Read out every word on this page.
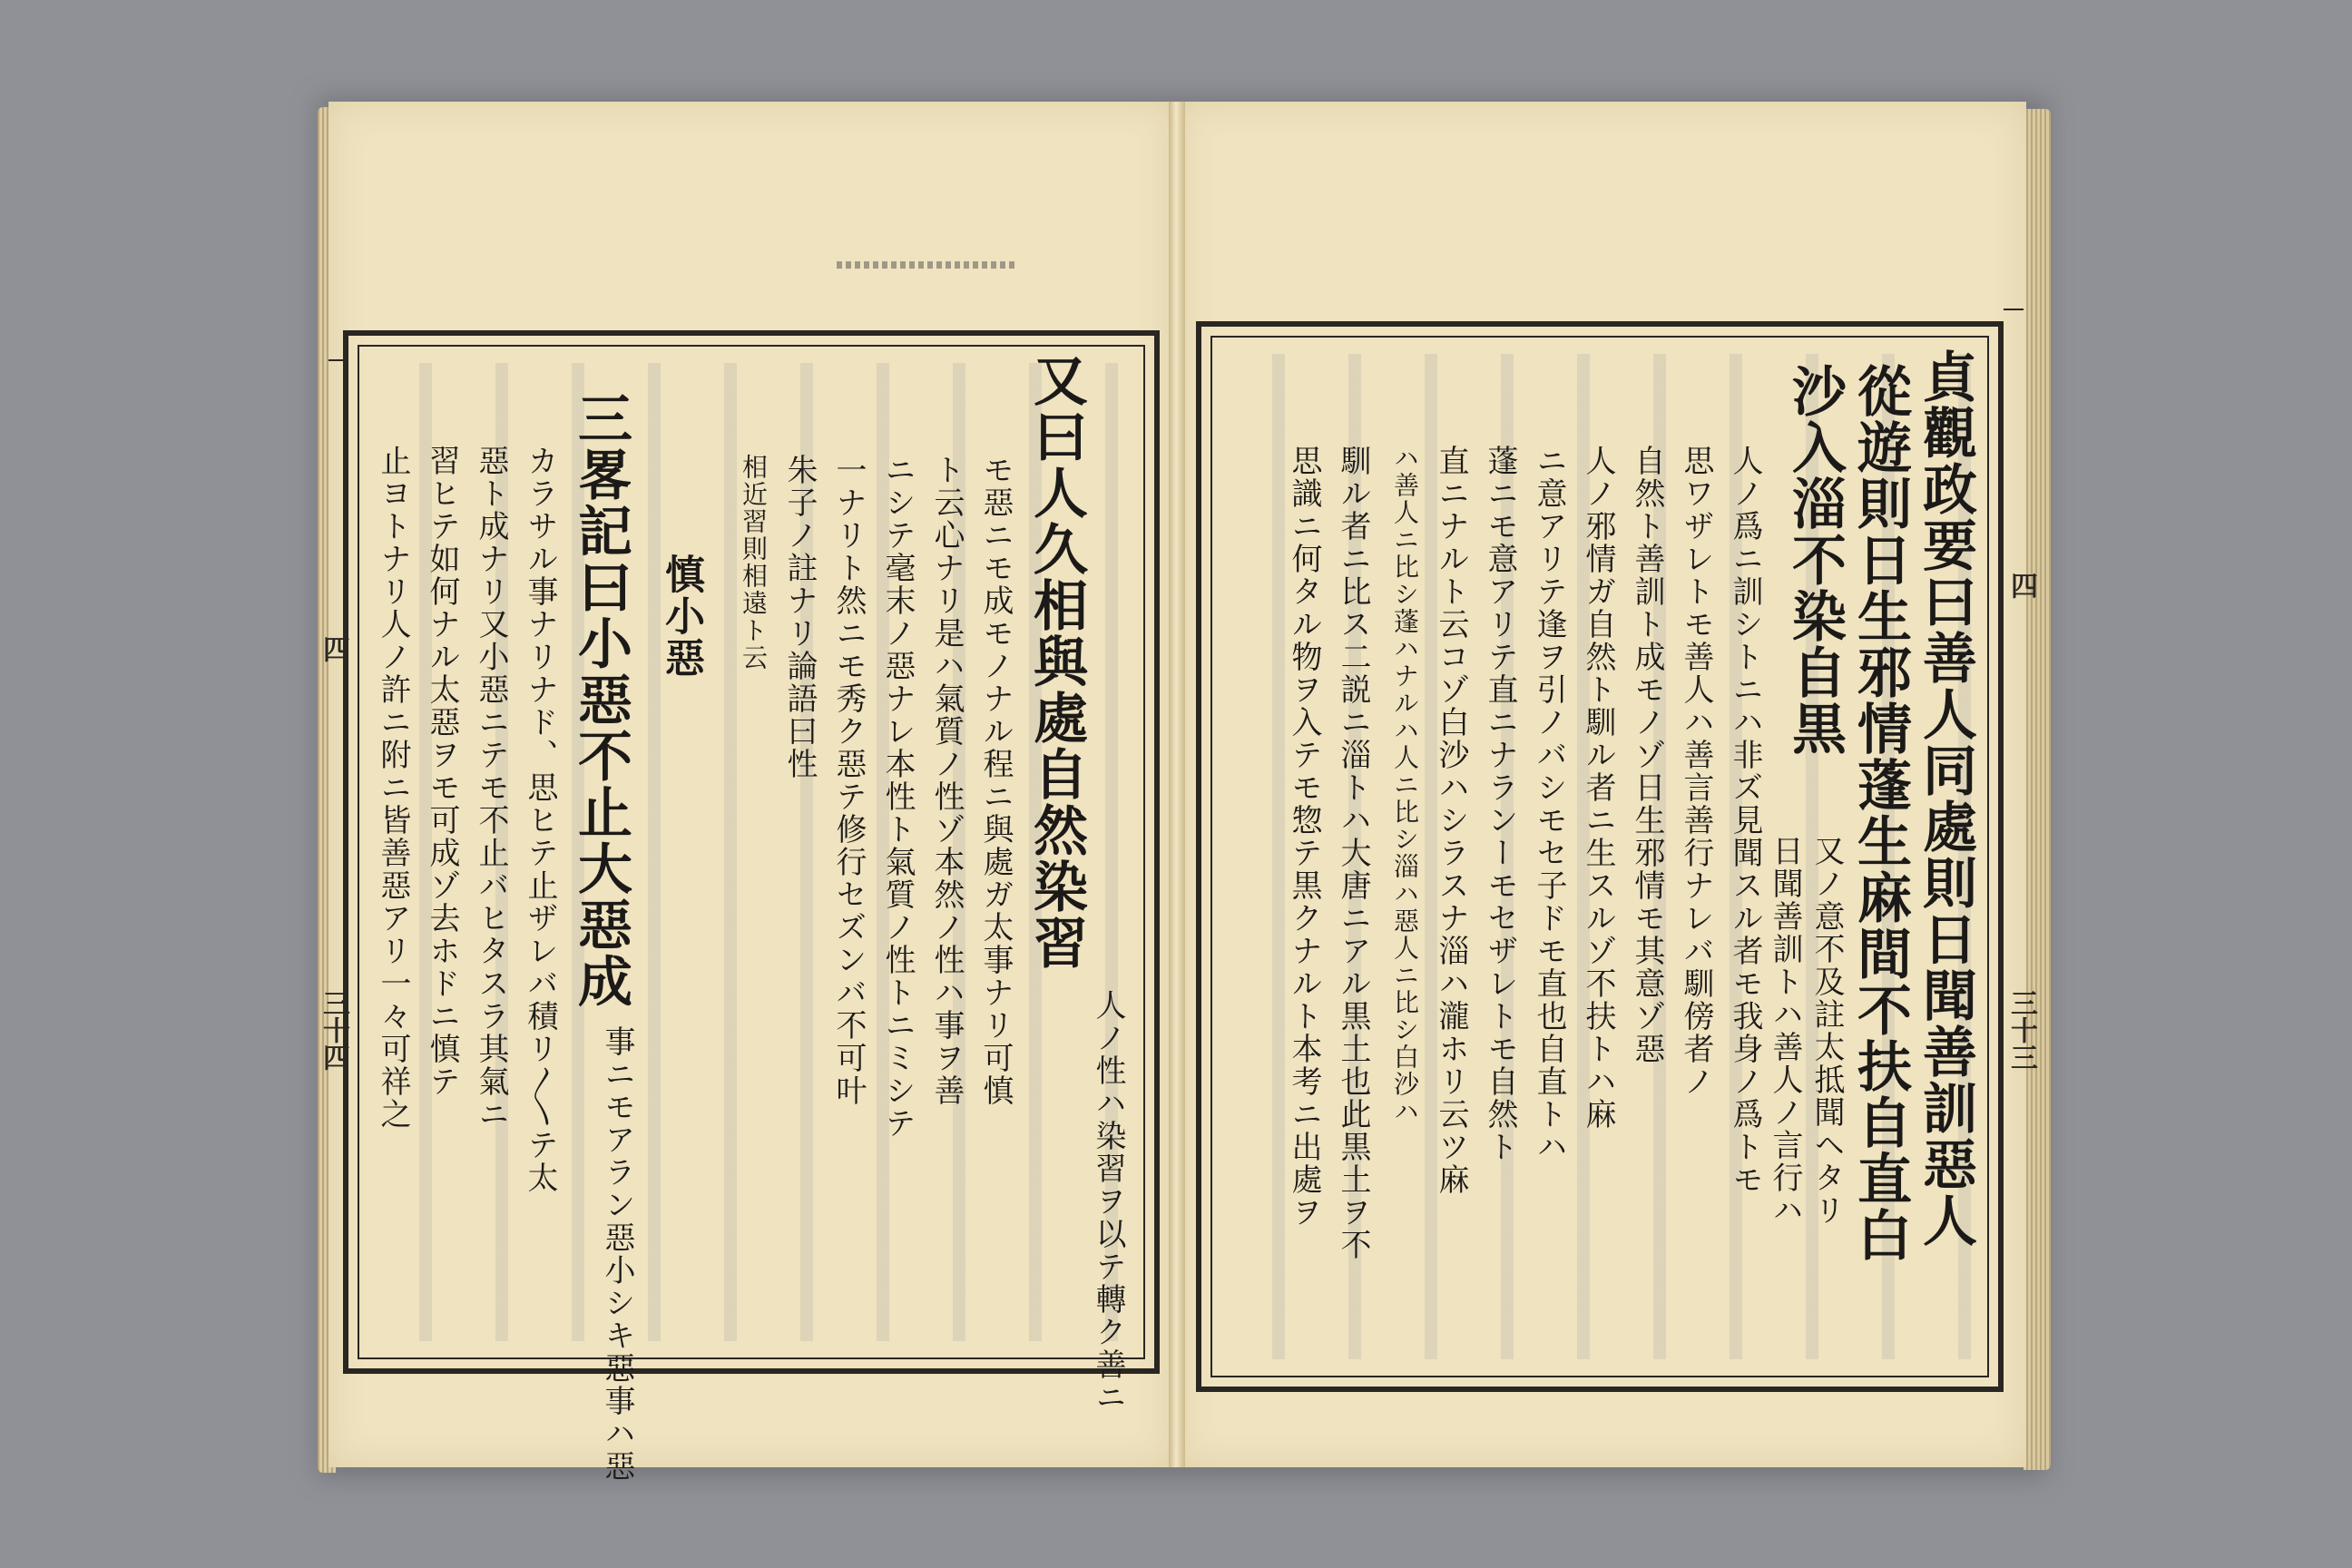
又曰人久相與處自然染習
人ノ性ハ染習ヲ以テ轉ク善ニ
モ惡ニモ成モノナル程ニ與處ガ太事ナリ可慎
ト云心ナリ是ハ氣質ノ性ゾ本然ノ性ハ事ヲ善
ニシテ毫末ノ惡ナレ本性ト氣質ノ性トニミシテ
一ナリト然ニモ秀ク惡テ修行セズンバ不可叶
朱子ノ註ナリ論語曰性
相近習則相遠ト云
慎小惡
三畧記曰小惡不止大惡成
事ニモアラン惡小シキ惡事ハ惡
カラサル事ナリナド、思ヒテ止ザレバ積リ〳〵テ太
惡ト成ナリ又小惡ニテモ不止バヒタスラ其氣ニ
習ヒテ如何ナル太惡ヲモ可成ゾ去ホドニ慎テ
止ヨトナリ人ノ許ニ附ニ皆善惡アリ一々可祥之	貞觀政要曰善人同處則日聞善訓惡人
從遊則日生邪情蓬生麻間不扶自直白
沙入淄不染自黒
又ノ意不及註太抵聞ヘタリ
日聞善訓トハ善人ノ言行ハ
人ノ爲ニ訓シトニハ非ズ見聞スル者モ我身ノ爲トモ
思ワザレトモ善人ハ善言善行ナレバ馴傍者ノ
自然ト善訓ト成モノゾ日生邪情モ其意ゾ惡
人ノ邪情ガ自然ト馴ル者ニ生スルゾ不扶トハ麻
ニ意アリテ逢ヲ引ノバシモセ子ドモ直也自直トハ
蓬ニモ意アリテ直ニナランーモセザレトモ自然ト
直ニナルト云コゾ白沙ハシラスナ淄ハ瀧ホリ云ツ麻
ハ善人ニ比シ蓬ハナルハ人ニ比シ淄ハ惡人ニ比シ白沙ハ
馴ル者ニ比ス二説ニ淄トハ大唐ニアル黒土也此黒土ヲ不
思識ニ何タル物ヲ入テモ惣テ黒クナルト本考ニ出處ヲ
四
三十四
四
三十三
